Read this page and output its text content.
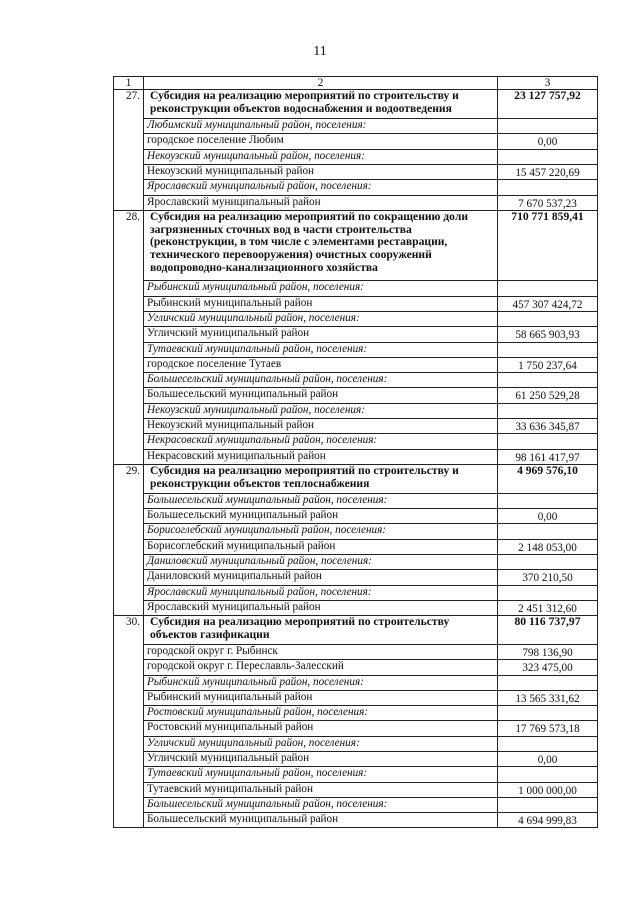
11
1	2	3
27.	Субсидия на реализацию мероприятий по строительству и реконструкции объектов водоснабжения и водоотведения	23 127 757,92
	Любимский муниципальный район, поселения:	
	городское поселение Любим	0,00
	Некоузский муниципальный район, поселения:	
	Некоузский муниципальный район	15 457 220,69
	Ярославский муниципальный район, поселения:	
	Ярославский муниципальный район	7 670 537,23
28.	Субсидия на реализацию мероприятий по сокращению доли загрязненных сточных вод в части строительства (реконструкции, в том числе с элементами реставрации, технического перевооружения) очистных сооружений водопроводно-канализационного хозяйства	710 771 859,41
	Рыбинский муниципальный район, поселения:	
	Рыбинский муниципальный район	457 307 424,72
	Угличский муниципальный район, поселения:	
	Угличский муниципальный район	58 665 903,93
	Тутаевский муниципальный район, поселения:	
	городское поселение Тутаев	1 750 237,64
	Большесельский муниципальный район, поселения:	
	Большесельский муниципальный район	61 250 529,28
	Некоузский муниципальный район, поселения:	
	Некоузский муниципальный район	33 636 345,87
	Некрасовский муниципальный район, поселения:	
	Некрасовский муниципальный район	98 161 417,97
29.	Субсидия на реализацию мероприятий по строительству и реконструкции объектов теплоснабжения	4 969 576,10
	Большесельский муниципальный район, поселения:	
	Большесельский муниципальный район	0,00
	Борисоглебский муниципальный район, поселения:	
	Борисоглебский муниципальный район	2 148 053,00
	Даниловский муниципальный район, поселения:	
	Даниловский муниципальный район	370 210,50
	Ярославский муниципальный район, поселения:	
	Ярославский муниципальный район	2 451 312,60
30.	Субсидия на реализацию мероприятий по строительству объектов газификации	80 116 737,97
	городской округ г. Рыбинск	798 136,90
	городской округ г. Переславль-Залесский	323 475,00
	Рыбинский муниципальный район, поселения:	
	Рыбинский муниципальный район	13 565 331,62
	Ростовский муниципальный район, поселения:	
	Ростовский муниципальный район	17 769 573,18
	Угличский муниципальный район, поселения:	
	Угличский муниципальный район	0,00
	Тутаевский муниципальный район, поселения:	
	Тутаевский муниципальный район	1 000 000,00
	Большесельский муниципальный район, поселения:	
	Большесельский муниципальный район	4 694 999,83
